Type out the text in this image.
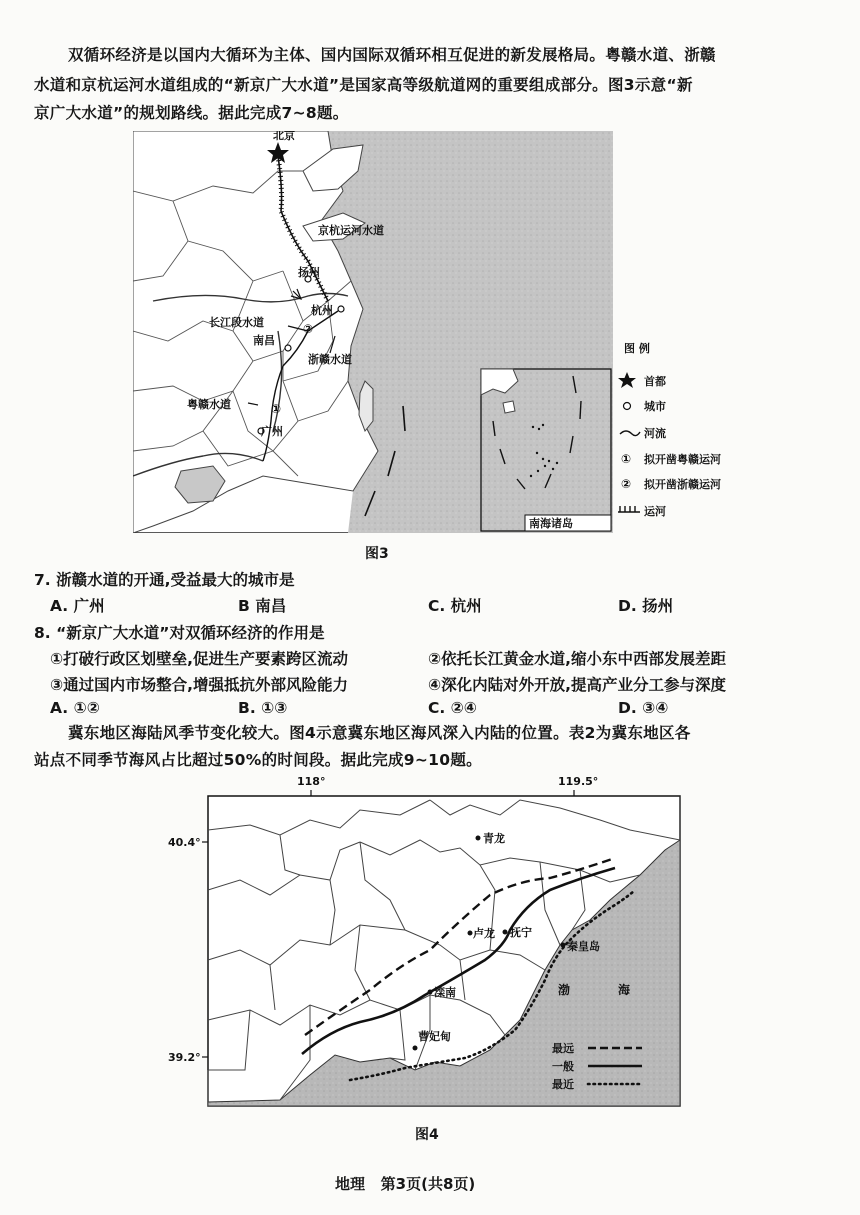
双循环经济是以国内大循环为主体、国内国际双循环相互促进的新发展格局。粤赣水道、浙赣
水道和京杭运河水道组成的“新京广大水道”是国家高等级航道网的重要组成部分。图3示意“新
京广大水道”的规划路线。据此完成7~8题。
北京
京杭运河水道
扬州
长江段水道
杭州
南昌
浙赣水道
粤赣水道
广州
②
①
南海诸岛
图 例
首都
城市
河流
① 拟开凿粤赣运河
② 拟开凿浙赣运河
运河
图3
7. 浙赣水道的开通,受益最大的城市是
A. 广州	B 南昌	C. 杭州	D. 扬州
8. “新京广大水道”对双循环经济的作用是
①打破行政区划壁垒,促进生产要素跨区流动	②依托长江黄金水道,缩小东中西部发展差距
③通过国内市场整合,增强抵抗外部风险能力	④深化内陆对外开放,提高产业分工参与深度
A. ①②	B. ①③	C. ②④	D. ③④
冀东地区海陆风季节变化较大。图4示意冀东地区海风深入内陆的位置。表2为冀东地区各
站点不同季节海风占比超过50%的时间段。据此完成9~10题。
118°	119.5°
40.4°
39.2°
青龙
卢龙 抚宁
秦皇岛
滦南
曹妃甸
渤	海
最远
一般
最近
图4
地理   第3页(共8页)
